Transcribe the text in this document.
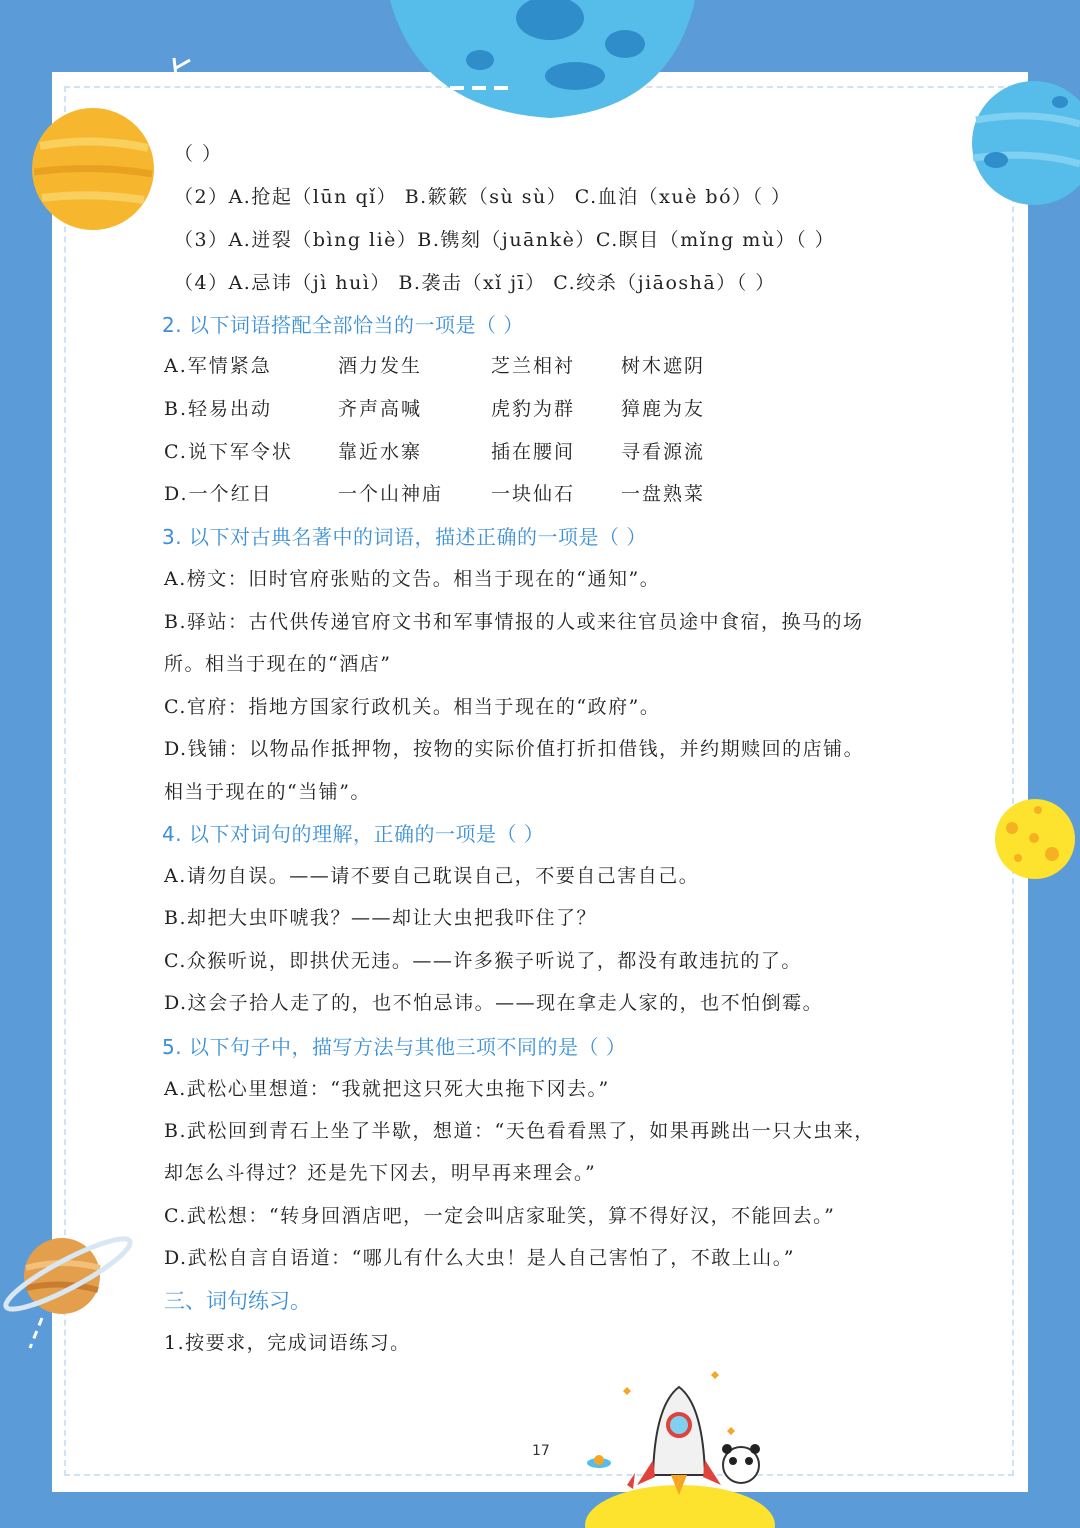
（ ）

（2）A.抢起（lūn qǐ） B.簌簌（sù sù） C.血泊（xuè bó）（ ）

（3）A.迸裂（bìng liè）B.镌刻（juānkè）C.瞑目（mǐng mù）（ ）

（4）A.忌讳（jì huì） B.袭击（xǐ jī） C.绞杀（jiāoshā）（ ）

2. 以下词语搭配全部恰当的一项是（ ）

A.军情紧急	酒力发生	芝兰相衬 树木遮阴
B.轻易出动	齐声高喊	虎豹为群 獐鹿为友
C.说下军令状 靠近水寨	插在腰间 寻看源流
D.一个红日	一个山神庙	一块仙石 一盘熟菜

3. 以下对古典名著中的词语，描述正确的一项是（ ）

A.榜文：旧时官府张贴的文告。相当于现在的“通知”。

B.驿站：古代供传递官府文书和军事情报的人或来往官员途中食宿，换马的场

所。相当于现在的“酒店”

C.官府：指地方国家行政机关。相当于现在的“政府”。

D.钱铺：以物品作抵押物，按物的实际价值打折扣借钱，并约期赎回的店铺。

相当于现在的“当铺”。

4. 以下对词句的理解，正确的一项是（ ）

A.请勿自误。——请不要自己耽误自己，不要自己害自己。

B.却把大虫吓唬我？——却让大虫把我吓住了？

C.众猴听说，即拱伏无违。——许多猴子听说了，都没有敢违抗的了。

D.这会子拾人走了的，也不怕忌讳。——现在拿走人家的，也不怕倒霉。

5. 以下句子中，描写方法与其他三项不同的是（ ）

A.武松心里想道：“我就把这只死大虫拖下冈去。”

B.武松回到青石上坐了半歇，想道：“天色看看黑了，如果再跳出一只大虫来，

却怎么斗得过？还是先下冈去，明早再来理会。”

C.武松想：“转身回酒店吧，一定会叫店家耻笑，算不得好汉，不能回去。”

D.武松自言自语道：“哪儿有什么大虫！是人自己害怕了，不敢上山。”

三、词句练习。

1.按要求，完成词语练习。

17
